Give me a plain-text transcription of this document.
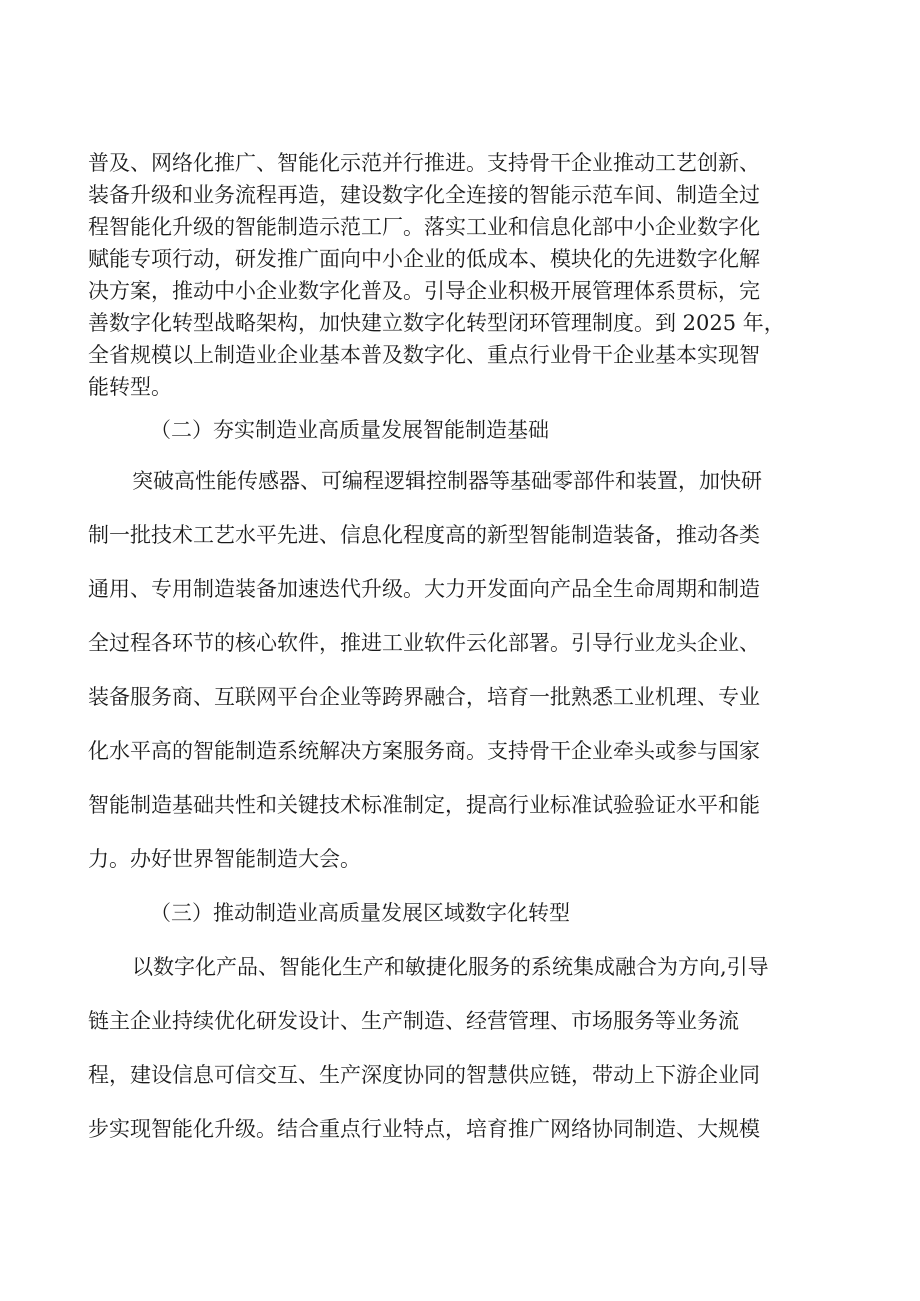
普及、网络化推广、智能化示范并行推进。支持骨干企业推动工艺创新、
装备升级和业务流程再造，建设数字化全连接的智能示范车间、制造全过
程智能化升级的智能制造示范工厂。落实工业和信息化部中小企业数字化
赋能专项行动，研发推广面向中小企业的低成本、模块化的先进数字化解
决方案，推动中小企业数字化普及。引导企业积极开展管理体系贯标，完
善数字化转型战略架构，加快建立数字化转型闭环管理制度。到 2025 年，
全省规模以上制造业企业基本普及数字化、重点行业骨干企业基本实现智
能转型。
（二）夯实制造业高质量发展智能制造基础
突破高性能传感器、可编程逻辑控制器等基础零部件和装置，加快研
制一批技术工艺水平先进、信息化程度高的新型智能制造装备，推动各类
通用、专用制造装备加速迭代升级。大力开发面向产品全生命周期和制造
全过程各环节的核心软件，推进工业软件云化部署。引导行业龙头企业、
装备服务商、互联网平台企业等跨界融合，培育一批熟悉工业机理、专业
化水平高的智能制造系统解决方案服务商。支持骨干企业牵头或参与国家
智能制造基础共性和关键技术标准制定，提高行业标准试验验证水平和能
力。办好世界智能制造大会。
（三）推动制造业高质量发展区域数字化转型
以数字化产品、智能化生产和敏捷化服务的系统集成融合为方向,引导
链主企业持续优化研发设计、生产制造、经营管理、市场服务等业务流
程，建设信息可信交互、生产深度协同的智慧供应链，带动上下游企业同
步实现智能化升级。结合重点行业特点，培育推广网络协同制造、大规模
